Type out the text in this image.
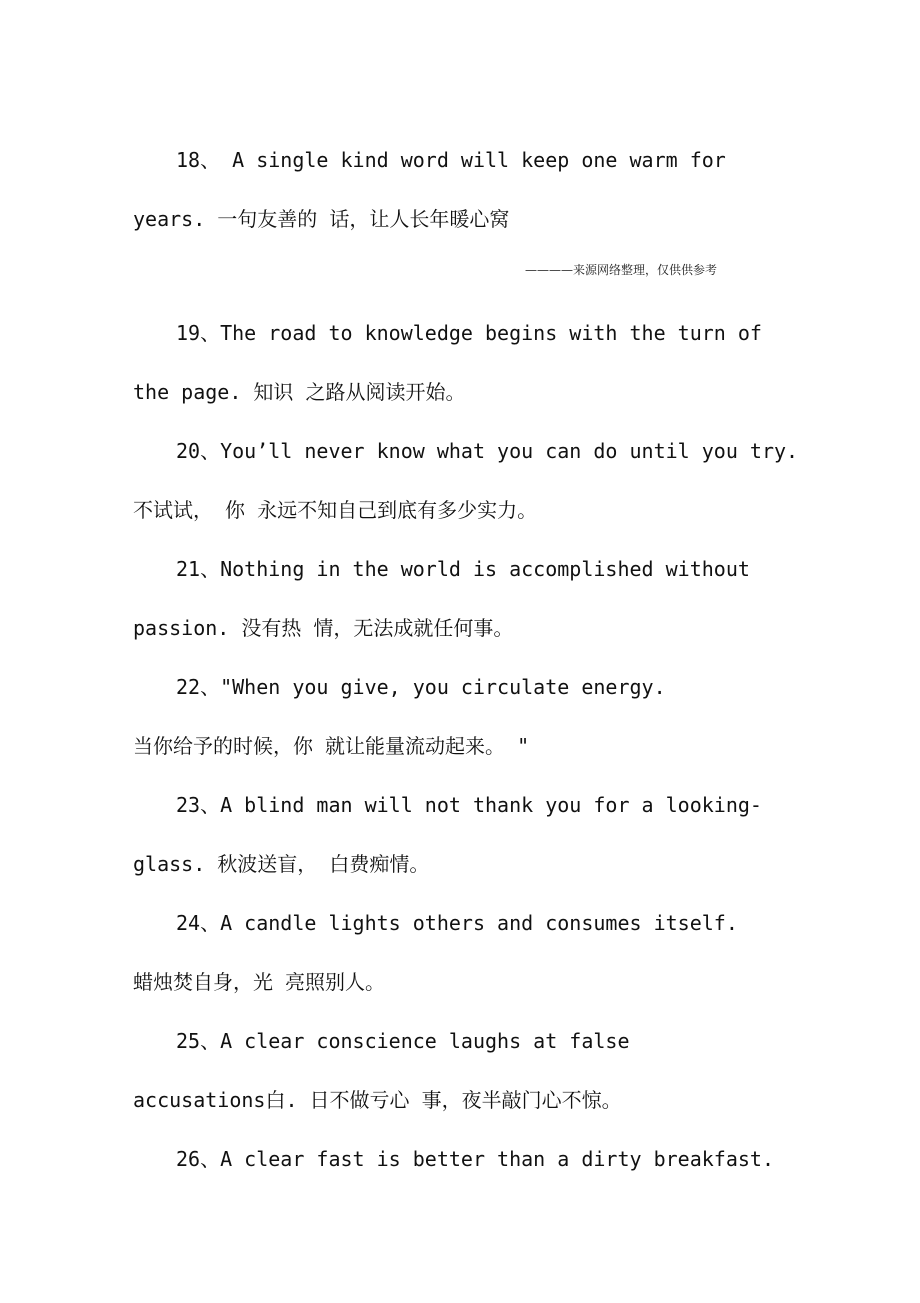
18、 A single kind word will keep one warm for
years. 一句友善的 话，让人长年暖心窝
————来源网络整理，仅供供参考
19、The road to knowledge begins with the turn of
the page. 知识 之路从阅读开始。
20、You’ll never know what you can do until you try.
不试试， 你 永远不知自己到底有多少实力。
21、Nothing in the world is accomplished without
passion. 没有热 情，无法成就任何事。
22、"When you give, you circulate energy.
当你给予的时候，你 就让能量流动起来。 "
23、A blind man will not thank you for a looking-
glass. 秋波送盲， 白费痴情。
24、A candle lights others and consumes itself.
蜡烛焚自身，光 亮照别人。
25、A clear conscience laughs at false
accusations白. 日不做亏心 事，夜半敲门心不惊。
26、A clear fast is better than a dirty breakfast.
